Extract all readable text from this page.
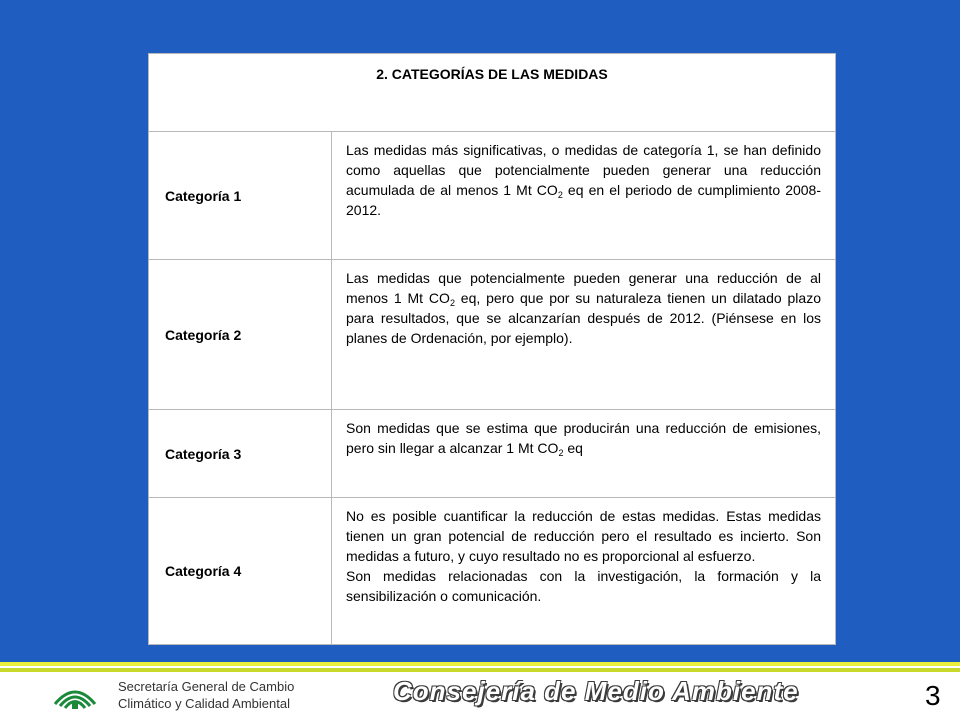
2. CATEGORÍAS DE LAS MEDIDAS
Categoría 1
Las medidas más significativas, o medidas de categoría 1, se han definido como aquellas que potencialmente pueden generar una reducción acumulada de al menos 1 Mt $CO_2$ eq en el periodo de cumplimiento 2008-2012.
Categoría 2
Las medidas que potencialmente pueden generar una reducción de al menos 1 Mt $CO_2$ eq, pero que por su naturaleza tienen un dilatado plazo para resultados, que se alcanzarían después de 2012. (Piénsese en los planes de Ordenación, por ejemplo).
Categoría 3
Son medidas que se estima que producirán una reducción de emisiones, pero sin llegar a alcanzar 1 Mt $CO_2$ eq
Categoría 4

No es posible cuantificar la reducción de estas medidas. Estas medidas tienen un gran potencial de reducción pero el resultado es incierto. Son medidas a futuro, y cuyo resultado no es proporcional al esfuerzo.

Son medidas relacionadas con la investigación, la formación y la sensibilización o comunicación.

Secretaría General de Cambio
Climático y Calidad Ambiental	Consejería de Medio Ambiente	3
